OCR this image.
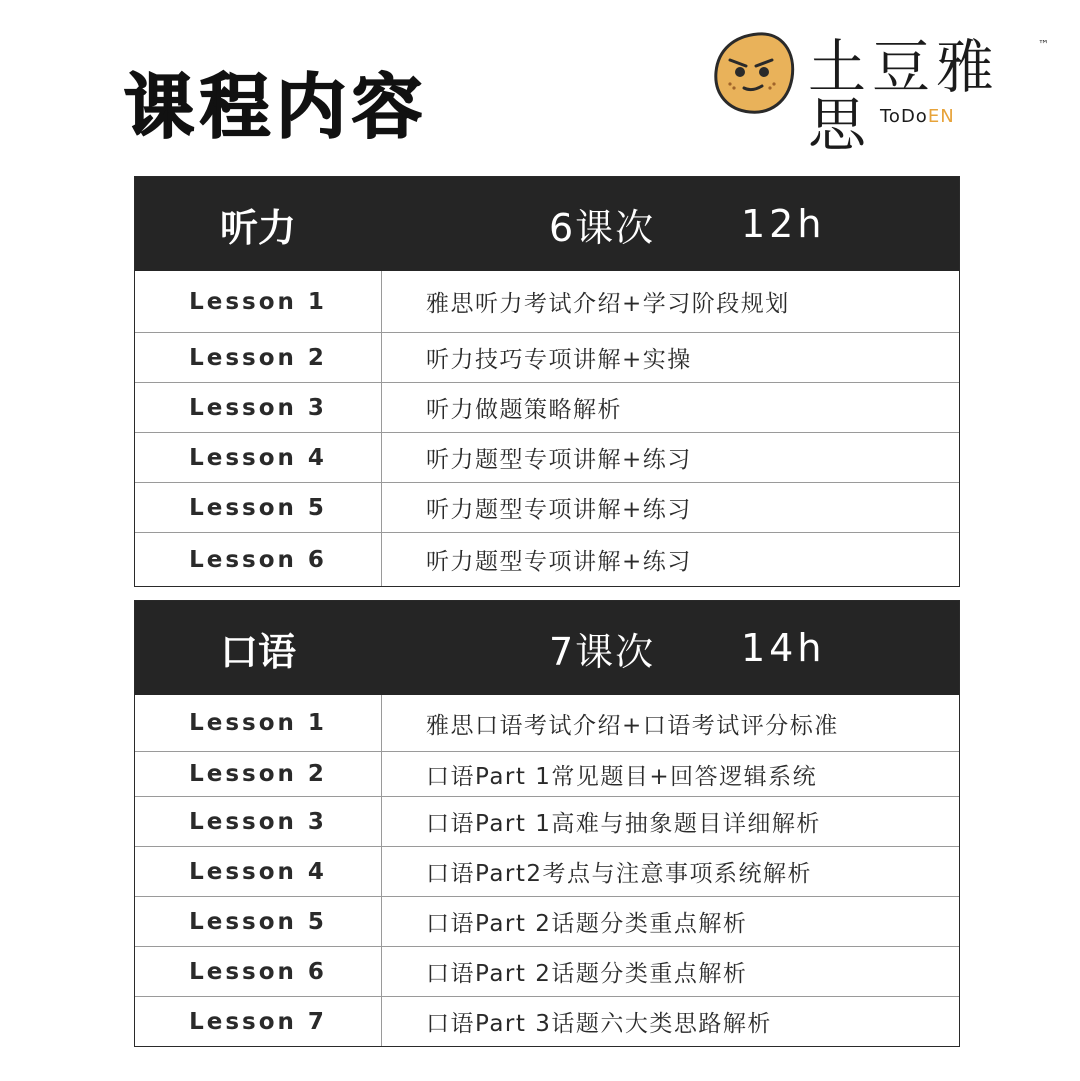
课程内容	土豆雅思
™
ToDoEN
听力	6课次 12h
Lesson 1	雅思听力考试介绍+学习阶段规划
Lesson 2	听力技巧专项讲解+实操
Lesson 3	听力做题策略解析
Lesson 4	听力题型专项讲解+练习
Lesson 5	听力题型专项讲解+练习
Lesson 6	听力题型专项讲解+练习
口语	7课次 14h
Lesson 1	雅思口语考试介绍+口语考试评分标准
Lesson 2	口语Part 1常见题目+回答逻辑系统
Lesson 3	口语Part 1高难与抽象题目详细解析
Lesson 4	口语Part2考点与注意事项系统解析
Lesson 5	口语Part 2话题分类重点解析
Lesson 6	口语Part 2话题分类重点解析
Lesson 7	口语Part 3话题六大类思路解析
